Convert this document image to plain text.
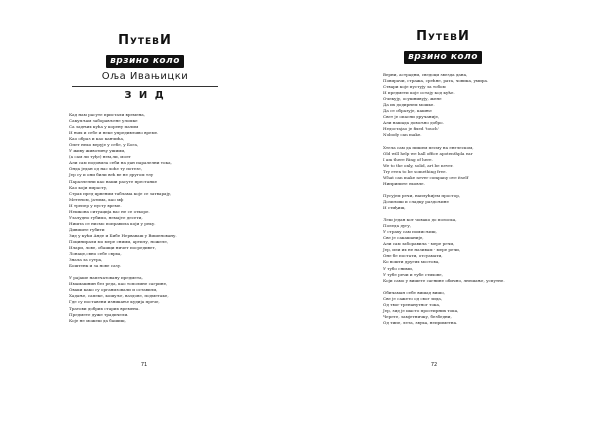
ПутевИ
врзино коло
Оља Ивањицки
З И Д
Кад нам расуте пристали времена,
Сакупљам заборављене уломке
Са задњих кућа у корену палим
И њих и себе и неке упредивљиво време.
Као образ и као канчића,
Опет неко верује у себе, у Бога,
У живу животињу ушими,
(а сам ли туђе) нем,ли, молт
Али сам подовила себи на дан паралелни тока,
Онда један од нас хоће ту потезе,
Јер су и они били већ ве не другом тлу
Параллелни као наши расуте престанке
Као који пирасту,
Страх пред црвеним таблама које се затварају,
Метеном, јатима, као мф
И трепер у пусту време.
Нешкона ситуација вас не се откоре.
Узалудно губимо, немајте десети,
Ништа се нисмо поправила који у реку.
Дивиште губити
Зид у кући Анде и Бибе Нерваваш у Вишеновану.
Поцинирали мо мере сними, артилу, ножеле,
Илари, лове, обашци ничет посредивет,
Лонаце,свно себе сврха,
Знала за сутра,
Боштенк и за нове сазу.
У рајаше напечатовану предмета,
Имамашнин без реда, као тополине сагрине,
Оваки како су организовали и оставили,
Хадање, сапеке, кошуље, ваздове, подметаке,
Где су поставени изникање кудија прече,
Тратови добрих старих времена.
Предмете дуже традичели.
Које не можеш да башиш,
71
ПутевИ
врзино коло
Верни, астрадни, сведоци звезда дана,
Повирачи, стража, срећне, рата, човика, умира.
Ствари које пустују за тобом
И предмети које остају код куће.
Очекују, осушнивују, жене
Да их додирнем мошке.
Да се образује, кашње
Свет је опасни дручаније,
Али нашада довољно добро.
Недостајао је fixed 'touch'
Nobody can make.
Хтела сам да пишем песму на енглеском,
Old will help we hall office apotenthpla ear
I am there Ring of here.
We to the only, solid, art be never.
Try even to be something free.
What can make never company ove itself
Ниприпите ековле.
Пусујем речи, наплућијем простор,
Дозиљиш и сладцу раздољине
И стиђиш,
Леш један кот човако до полоска,
Поледа дугу,
У страху сам помисљиш,
Све је сакашаније,
Али сам заборавила - мере речи,
Јер, или их не називам - мере речи,
Оне бе постати, отсуамати,
Ко вошти других мостова,
У тубо сними,
У тубе речи и тубе стихове,
Који само у вишете сагнине обично, лнешање, успутне.
Обичаман себе вишад вишо,
Све је сажето од свог зида,
Од твог тренанутног тока,
Јер, зид је шасто простирних тока,
Черете, замјетничку, безбедни,
Од типе, лета, звука, неприметна.
72
